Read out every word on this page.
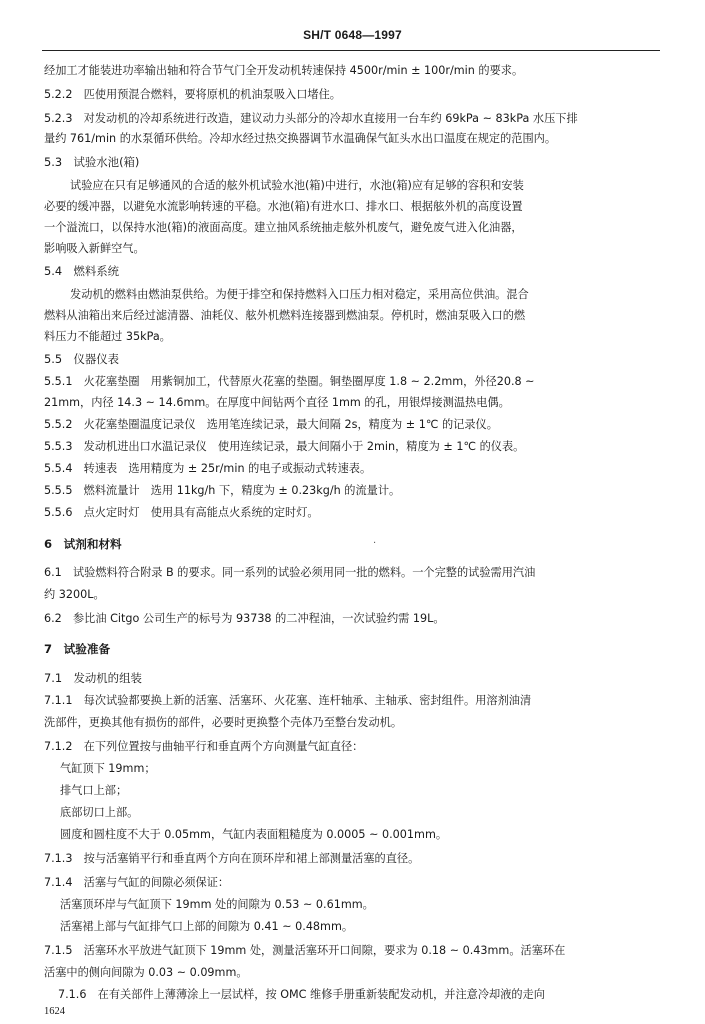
SH/T 0648—1997
经加工才能装进功率输出轴和符合节气门全开发动机转速保持 4500r/min ± 100r/min 的要求。
5.2.2　匹使用预混合燃料，要将原机的机油泵吸入口堵住。
5.2.3　对发动机的冷却系统进行改造，建议动力头部分的冷却水直接用一台车约 69kPa ~ 83kPa 水压下排
量约 761/min 的水泵循环供给。冷却水经过热交换器调节水温确保气缸头水出口温度在规定的范围内。
5.3　试验水池(箱)
试验应在只有足够通风的合适的舷外机试验水池(箱)中进行，水池(箱)应有足够的容积和安装
必要的缓冲器，以避免水流影响转速的平稳。水池(箱)有进水口、排水口、根据舷外机的高度设置
一个溢流口，以保持水池(箱)的液面高度。建立抽风系统抽走舷外机废气，避免废气进入化油器，
影响吸入新鲜空气。
5.4　燃料系统
发动机的燃料由燃油泵供给。为便于排空和保持燃料入口压力相对稳定，采用高位供油。混合
燃料从油箱出来后经过滤清器、油耗仪、舷外机燃料连接器到燃油泵。停机时，燃油泵吸入口的燃
料压力不能超过 35kPa。
5.5　仪器仪表
5.5.1　火花塞垫圈　用紫铜加工，代替原火花塞的垫圈。铜垫圈厚度 1.8 ~ 2.2mm，外径20.8 ~
21mm，内径 14.3 ~ 14.6mm。在厚度中间钻两个直径 1mm 的孔，用银焊接测温热电偶。
5.5.2　火花塞垫圈温度记录仪　选用笔连续记录，最大间隔 2s，精度为 ± 1℃ 的记录仪。
5.5.3　发动机进出口水温记录仪　使用连续记录，最大间隔小于 2min，精度为 ± 1℃ 的仪表。
5.5.4　转速表　选用精度为 ± 25r/min 的电子或振动式转速表。
5.5.5　燃料流量计　选用 11kg/h 下，精度为 ± 0.23kg/h 的流量计。
5.5.6　点火定时灯　使用具有高能点火系统的定时灯。
·
6　试剂和材料
6.1　试验燃料符合附录 B 的要求。同一系列的试验必须用同一批的燃料。一个完整的试验需用汽油
约 3200L。
6.2　参比油 Citgo 公司生产的标号为 93738 的二冲程油，一次试验约需 19L。
7　试验准备
7.1　发动机的组装
7.1.1　每次试验都要换上新的活塞、活塞环、火花塞、连杆轴承、主轴承、密封组件。用溶剂油清
洗部件，更换其他有损伤的部件，必要时更换整个壳体乃至整台发动机。
7.1.2　在下列位置按与曲轴平行和垂直两个方向测量气缸直径：
气缸顶下 19mm；
排气口上部；
底部切口上部。
圆度和圆柱度不大于 0.05mm，气缸内表面粗糙度为 0.0005 ~ 0.001mm。
7.1.3　按与活塞销平行和垂直两个方向在顶环岸和裙上部测量活塞的直径。
7.1.4　活塞与气缸的间隙必须保证：
活塞顶环岸与气缸顶下 19mm 处的间隙为 0.53 ~ 0.61mm。
活塞裙上部与气缸排气口上部的间隙为 0.41 ~ 0.48mm。
7.1.5　活塞环水平放进气缸顶下 19mm 处，测量活塞环开口间隙，要求为 0.18 ~ 0.43mm。活塞环在
活塞中的侧向间隙为 0.03 ~ 0.09mm。
7.1.6　在有关部件上薄薄涂上一层试样，按 OMC 维修手册重新装配发动机，并注意冷却液的走向
1624
